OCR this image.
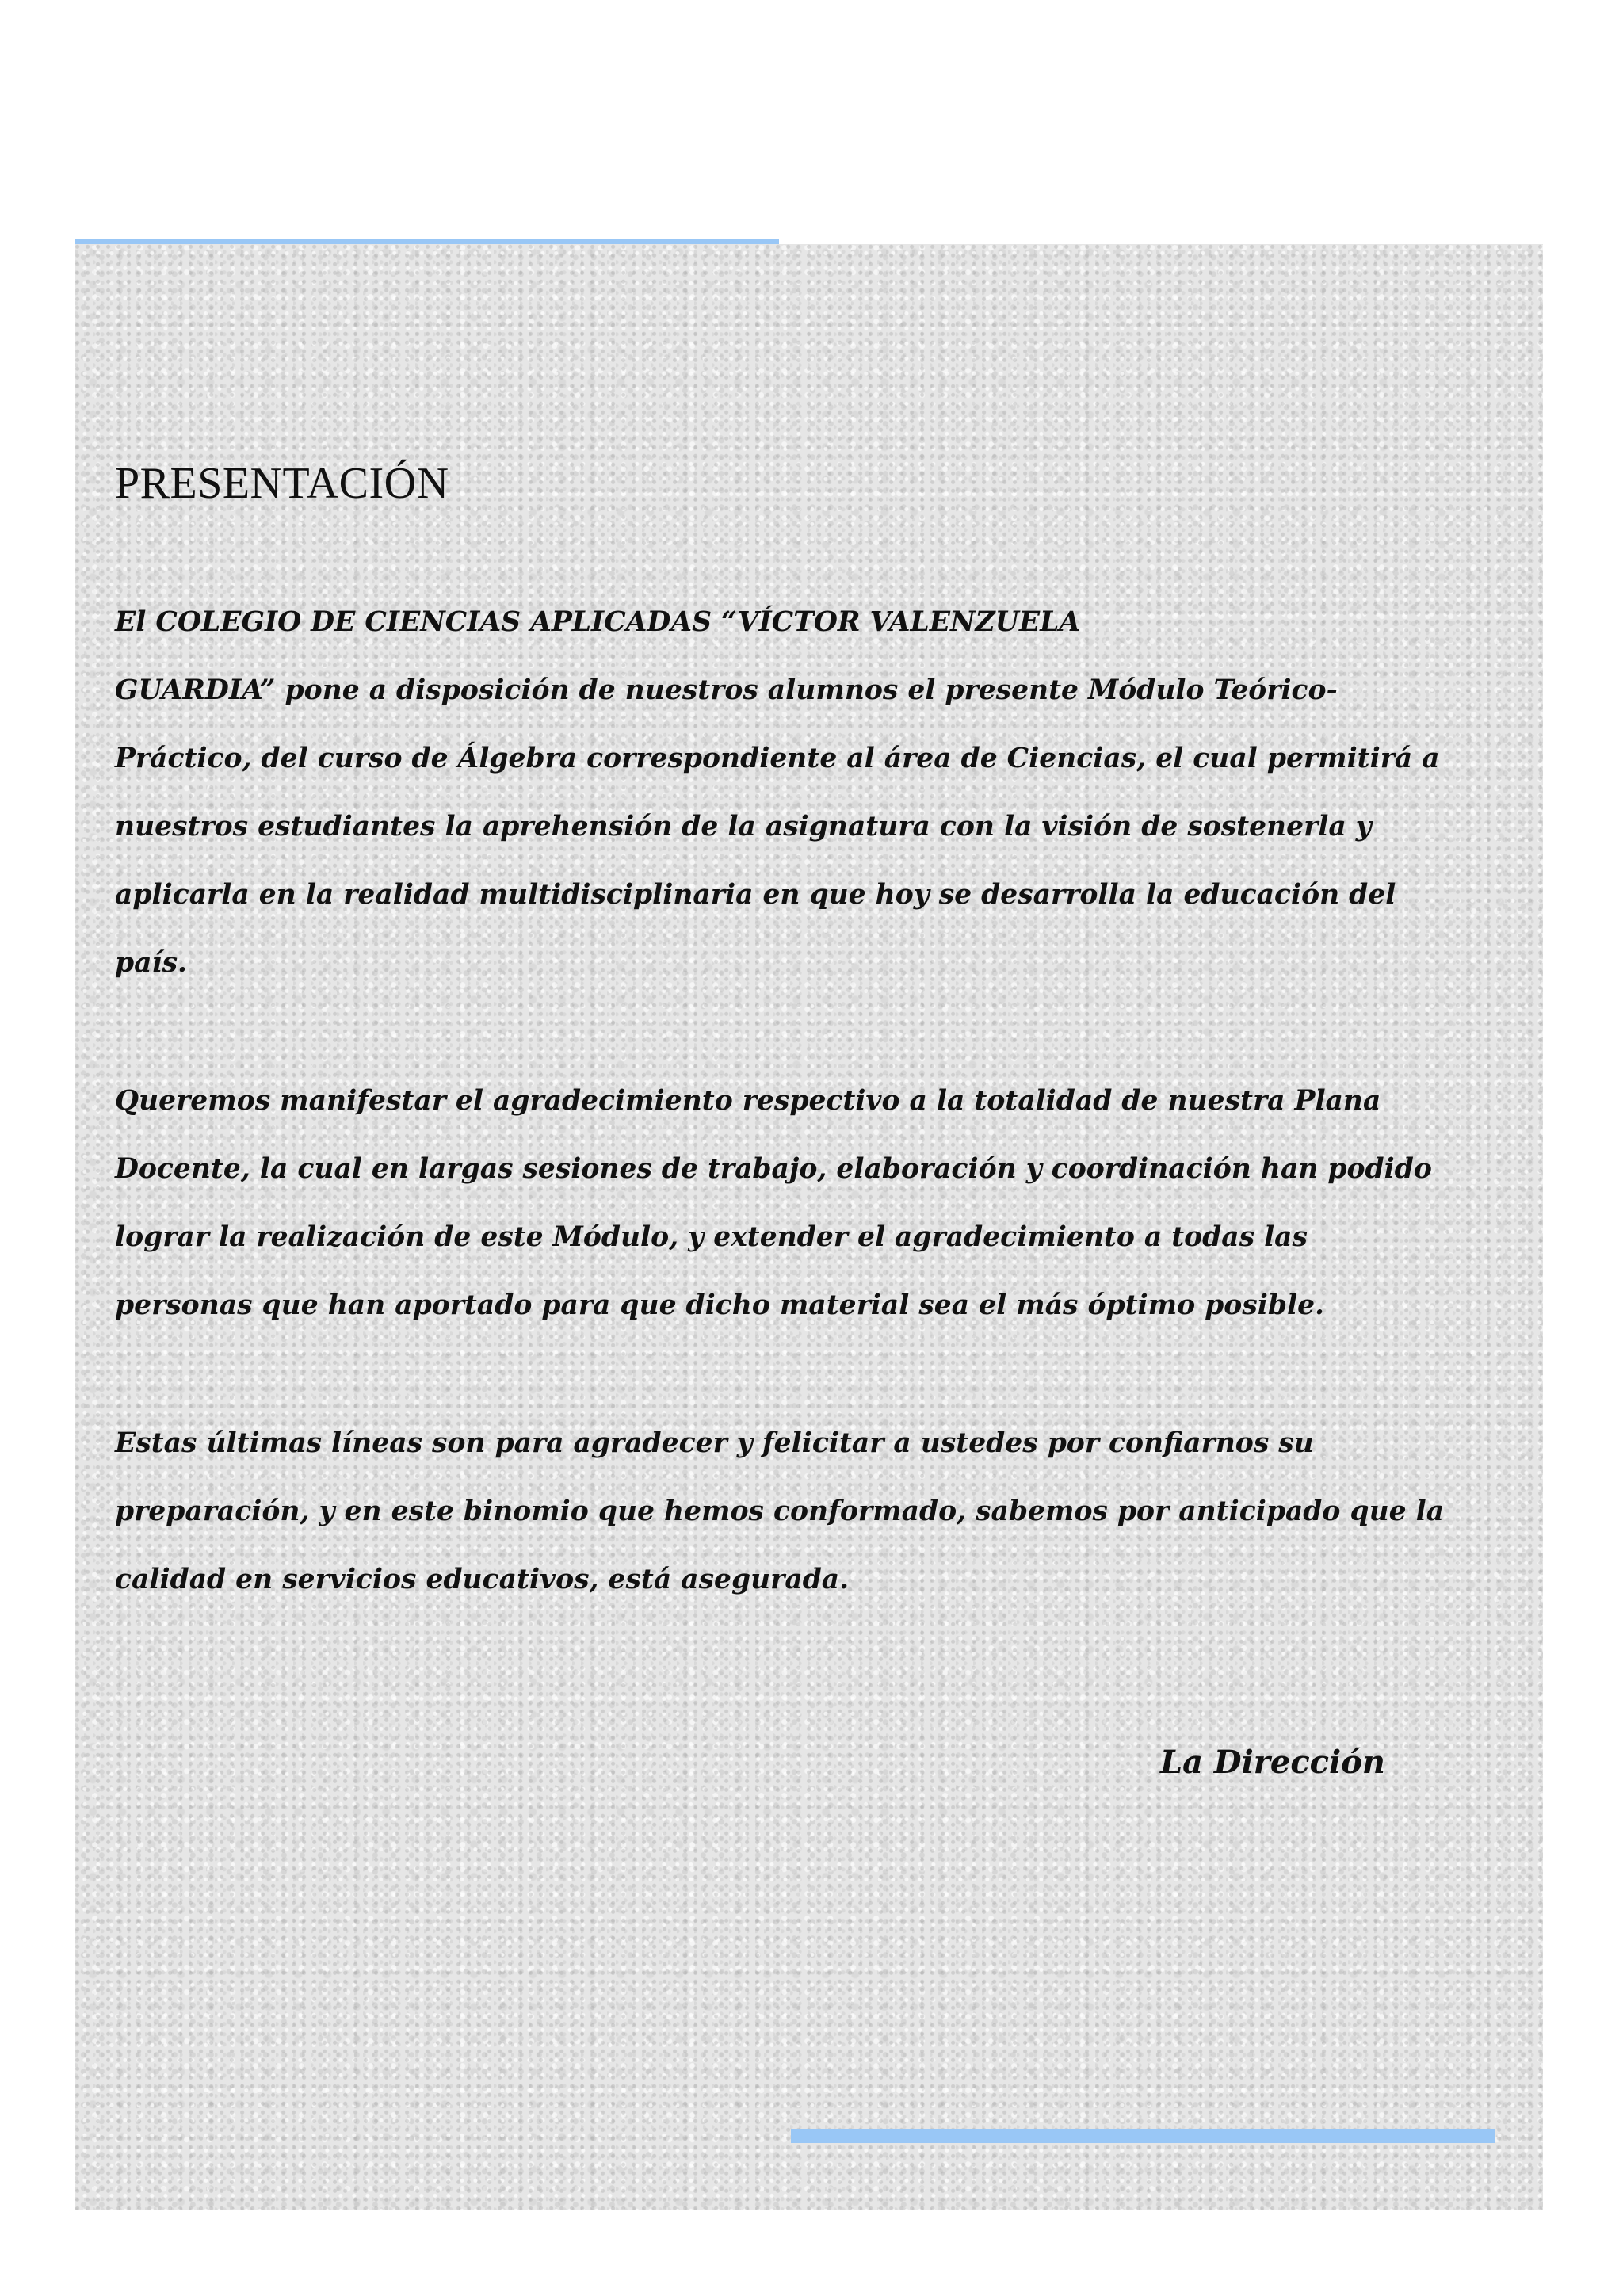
PRESENTACIÓN

El COLEGIO DE CIENCIAS APLICADAS “VÍCTOR VALENZUELA
GUARDIA” pone a disposición de nuestros alumnos el presente Módulo Teórico-
Práctico, del curso de Álgebra correspondiente al área de Ciencias, el cual permitirá a
nuestros estudiantes la aprehensión de la asignatura con la visión de sostenerla y
aplicarla en la realidad multidisciplinaria en que hoy se desarrolla la educación del
país.

Queremos manifestar el agradecimiento respectivo a la totalidad de nuestra Plana
Docente, la cual en largas sesiones de trabajo, elaboración y coordinación han podido
lograr la realización de este Módulo, y extender el agradecimiento a todas las
personas que han aportado para que dicho material sea el más óptimo posible.

Estas últimas líneas son para agradecer y felicitar a ustedes por confiarnos su
preparación, y en este binomio que hemos conformado, sabemos por anticipado que la
calidad en servicios educativos, está asegurada.

La Dirección
